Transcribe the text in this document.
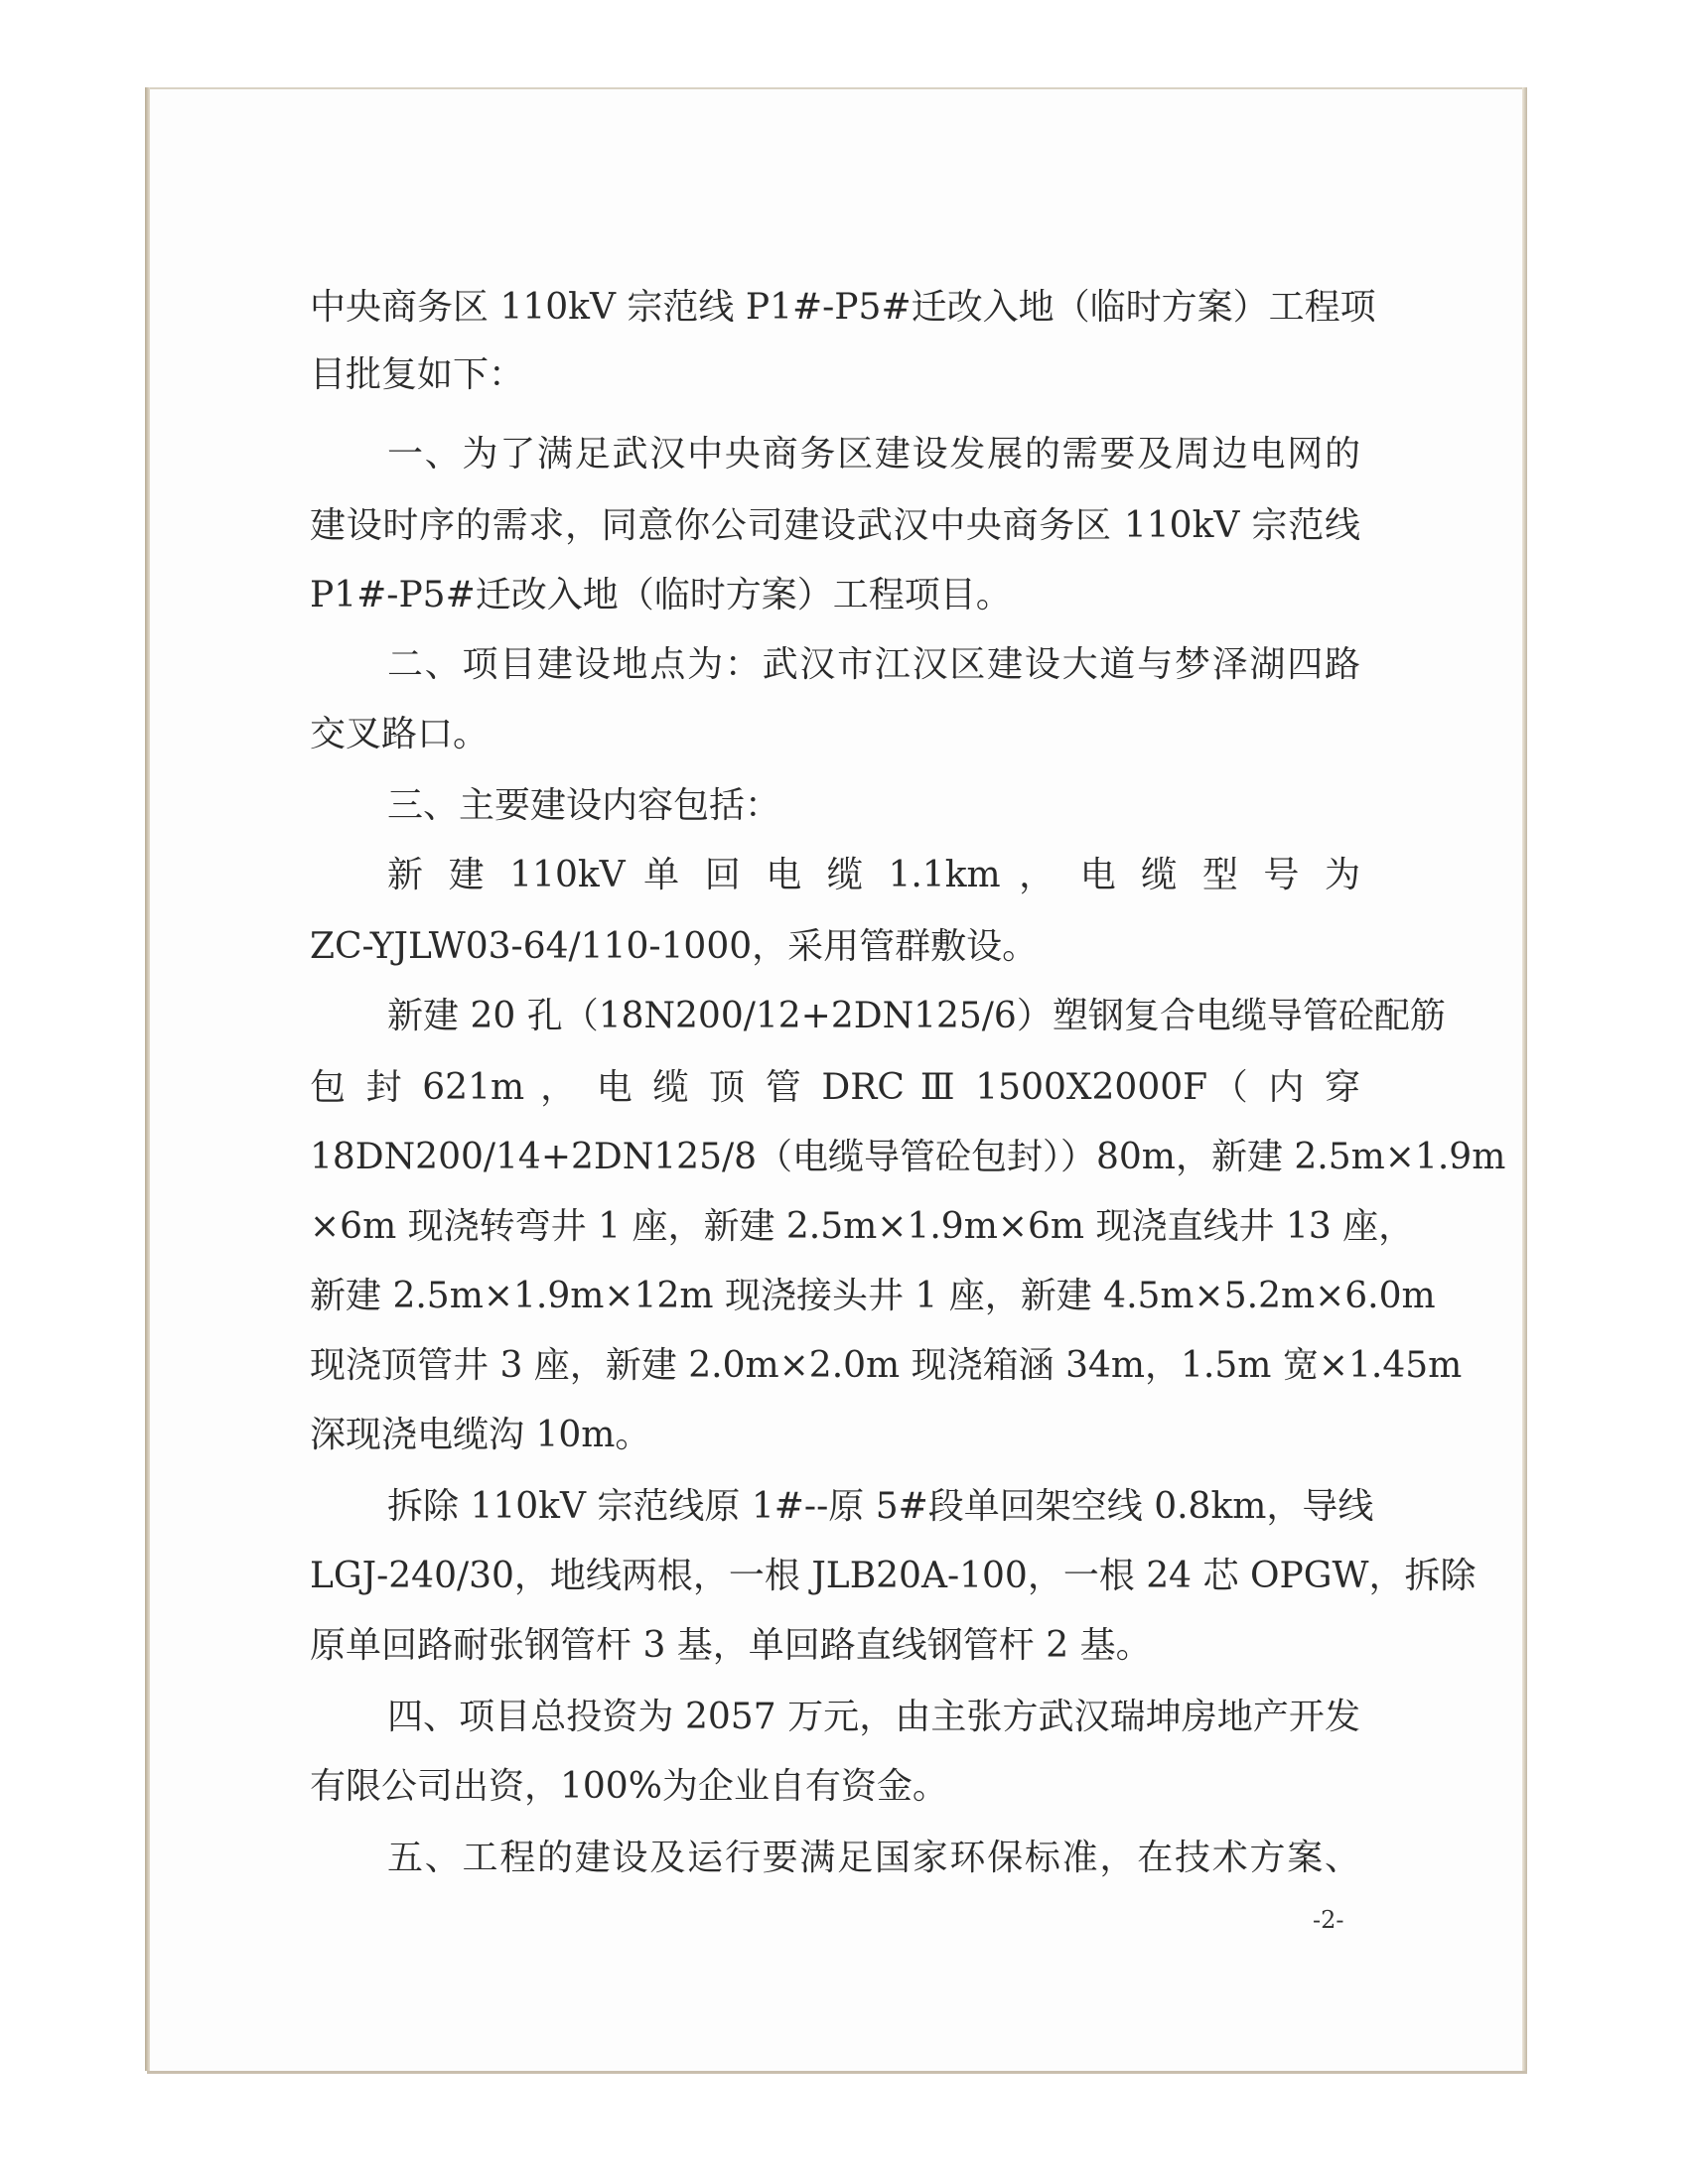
中央商务区 110kV 宗范线 P1#-P5#迁改入地（临时方案）工程项
目批复如下：
一、为了满足武汉中央商务区建设发展的需要及周边电网的
建设时序的需求，同意你公司建设武汉中央商务区 110kV 宗范线
P1#-P5#迁改入地（临时方案）工程项目。
二、项目建设地点为：武汉市江汉区建设大道与梦泽湖四路
交叉路口。
三、主要建设内容包括：
新 建 110kV 单 回 电 缆 1.1km ， 电 缆 型 号 为
ZC-YJLW03-64/110-1000，采用管群敷设。
新建 20 孔（18N200/12+2DN125/6）塑钢复合电缆导管砼配筋
包 封 621m ， 电 缆 顶 管 DRC Ⅲ 1500X2000F（ 内 穿
18DN200/14+2DN125/8（电缆导管砼包封））80m，新建 2.5m×1.9m
×6m 现浇转弯井 1 座，新建 2.5m×1.9m×6m 现浇直线井 13 座，
新建 2.5m×1.9m×12m 现浇接头井 1 座，新建 4.5m×5.2m×6.0m
现浇顶管井 3 座，新建 2.0m×2.0m 现浇箱涵 34m，1.5m 宽×1.45m
深现浇电缆沟 10m。
拆除 110kV 宗范线原 1#--原 5#段单回架空线 0.8km，导线
LGJ-240/30，地线两根，一根 JLB20A-100，一根 24 芯 OPGW，拆除
原单回路耐张钢管杆 3 基，单回路直线钢管杆 2 基。
四、项目总投资为 2057 万元，由主张方武汉瑞坤房地产开发
有限公司出资，100%为企业自有资金。
五、工程的建设及运行要满足国家环保标准，在技术方案、
-2-
